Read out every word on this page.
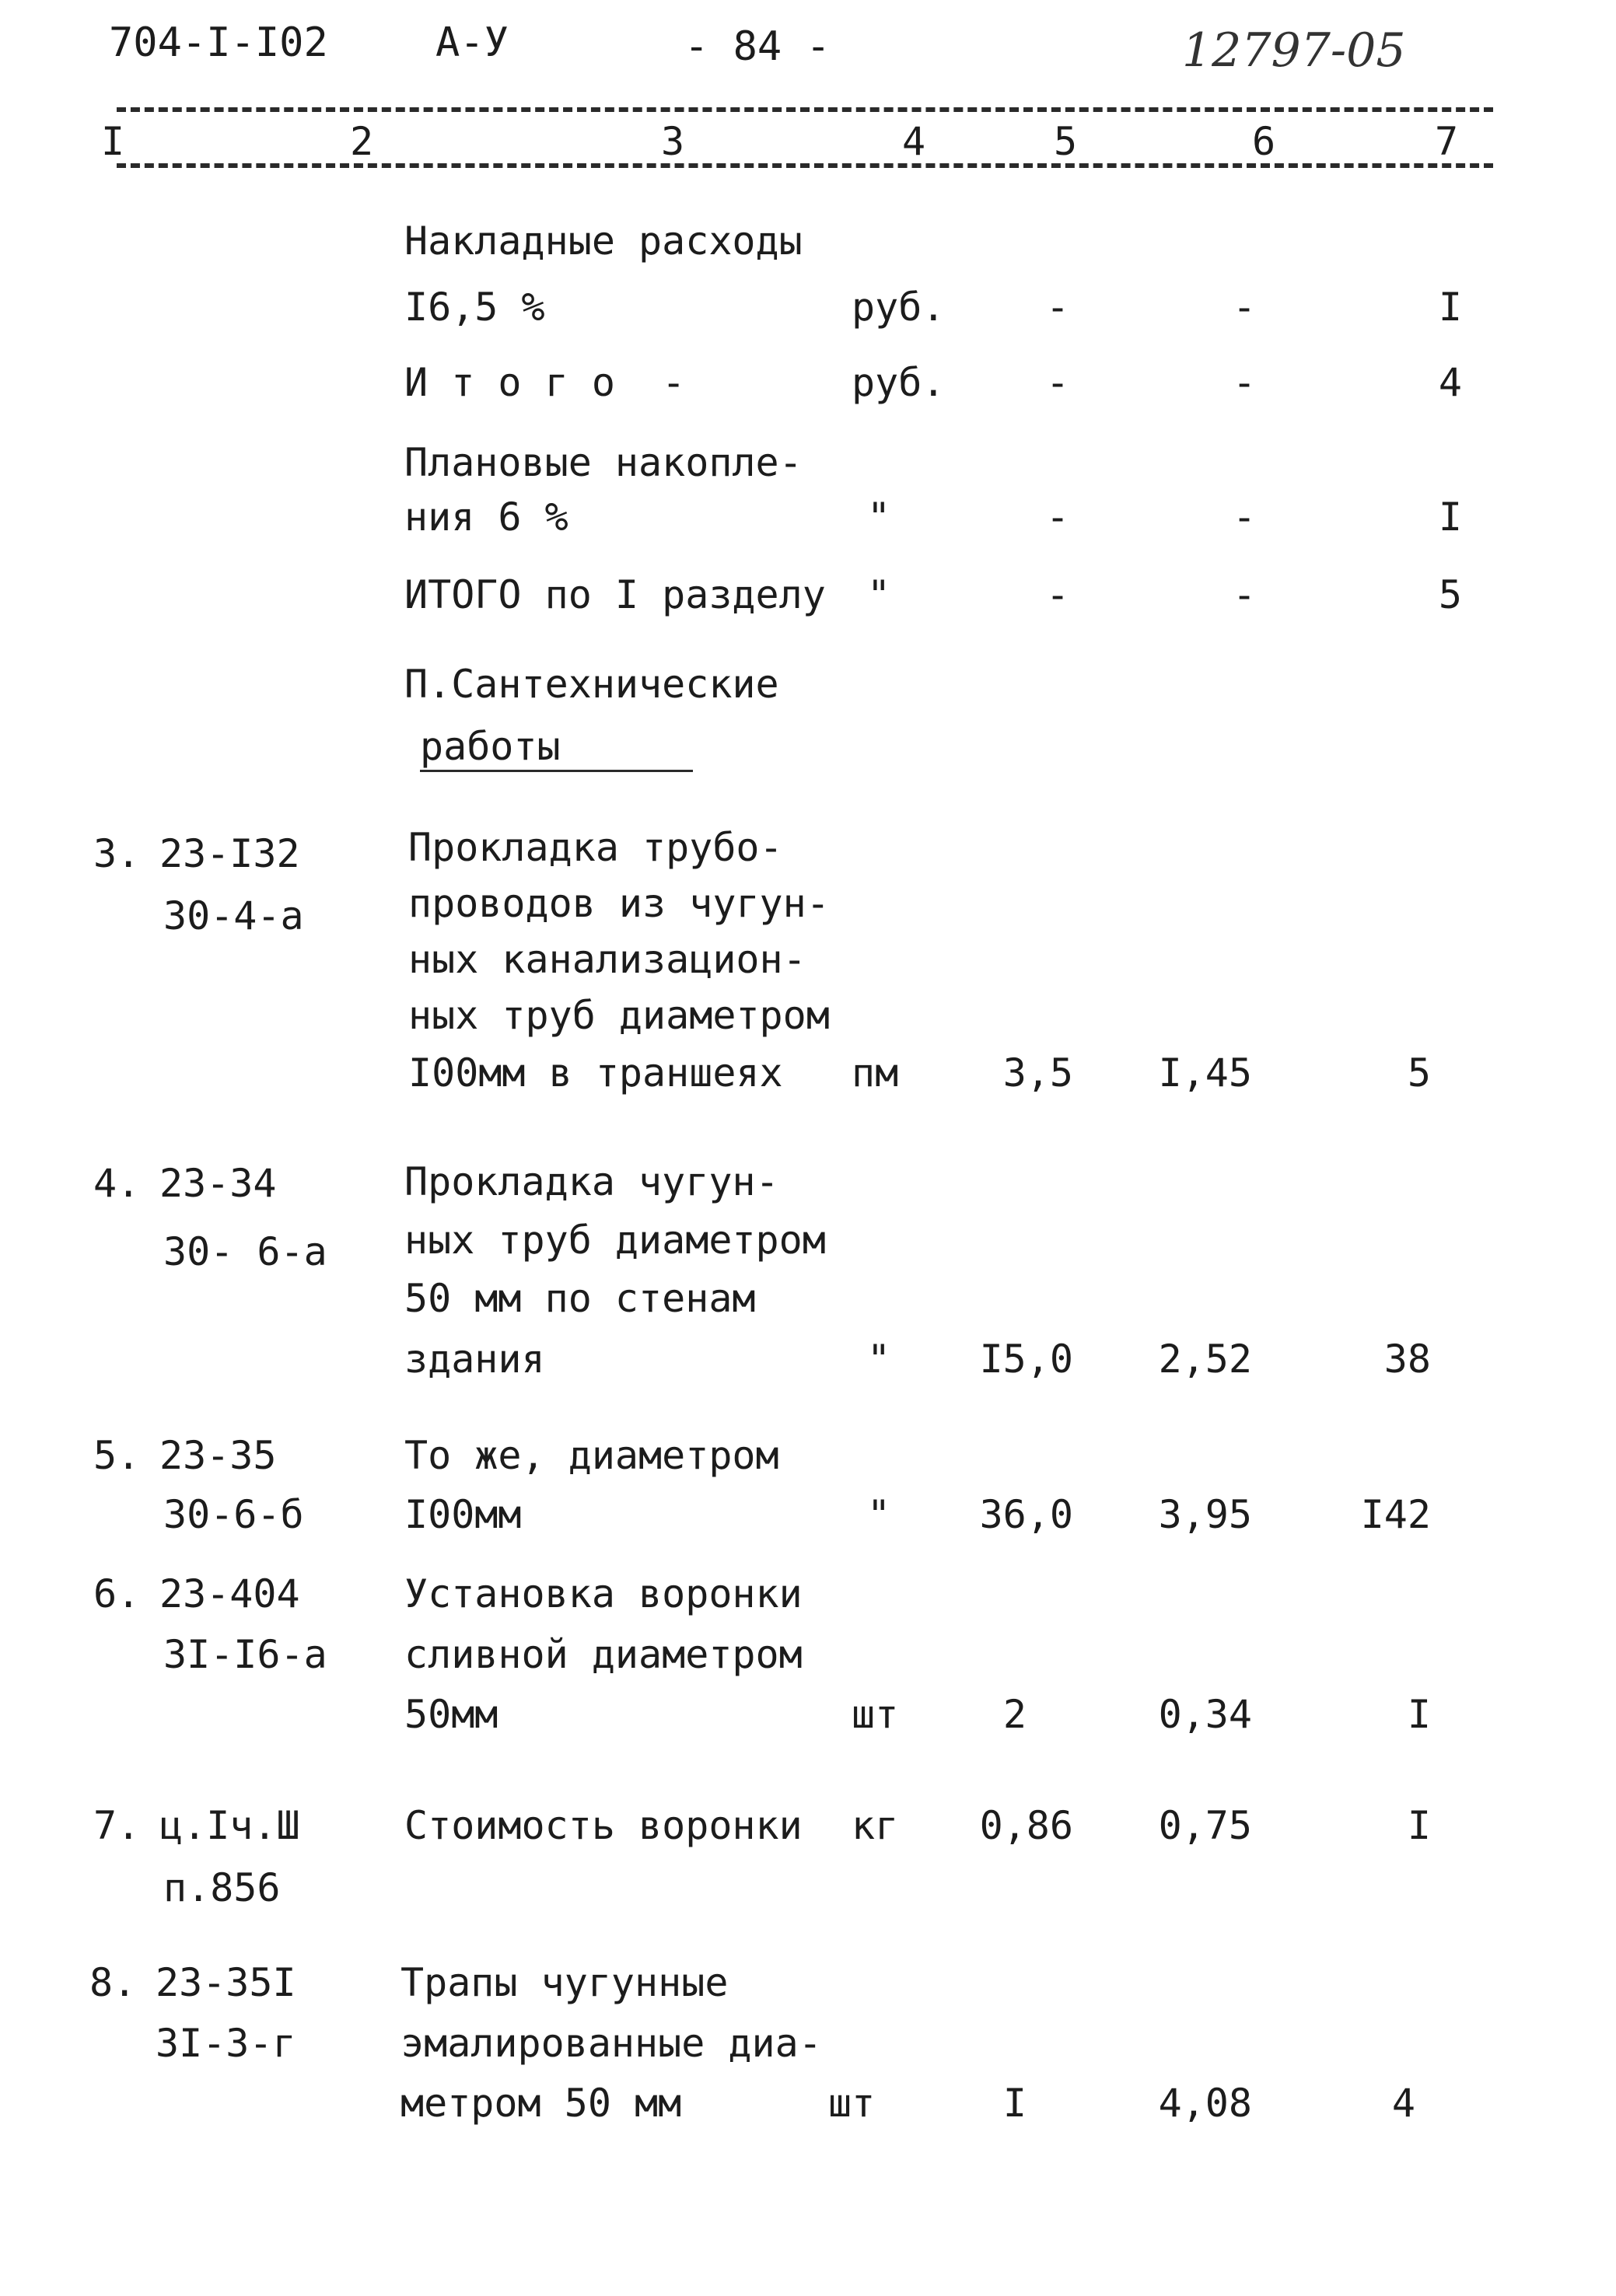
704-I-I02	А-У	- 84 -	12797-05
I	2	3	4	5	6	7
Накладные расходы
I6,5 %	руб.	-	-	I
И т о г о  -	руб.	-	-	4
Плановые накопле-
ния 6 %	"	-	-	I
ИТОГО по I разделу "	-	-	5
П.Сантехнические
работы
3. 23-I32
30-4-а
Прокладка трубо-
проводов из чугун-
ных канализацион-
ных труб диаметром
I00мм в траншеях пм	3,5	I,45	5
4. 23-34
30- 6-а
Прокладка чугун-
ных труб диаметром
50 мм по стенам
здания	"	I5,0	2,52	38
5. 23-35
30-6-б
То же, диаметром
I00мм	"	36,0	3,95	I42
6. 23-404
3I-I6-а
Установка воронки
сливной диаметром
50мм	шт	2	0,34	I
7. ц.Iч.Ш
п.856
Стоимость воронки кг	0,86	0,75	I
8. 23-35I
3I-3-г
Трапы чугунные
эмалированные диа-
метром 50 мм	шт	I	4,08	4
